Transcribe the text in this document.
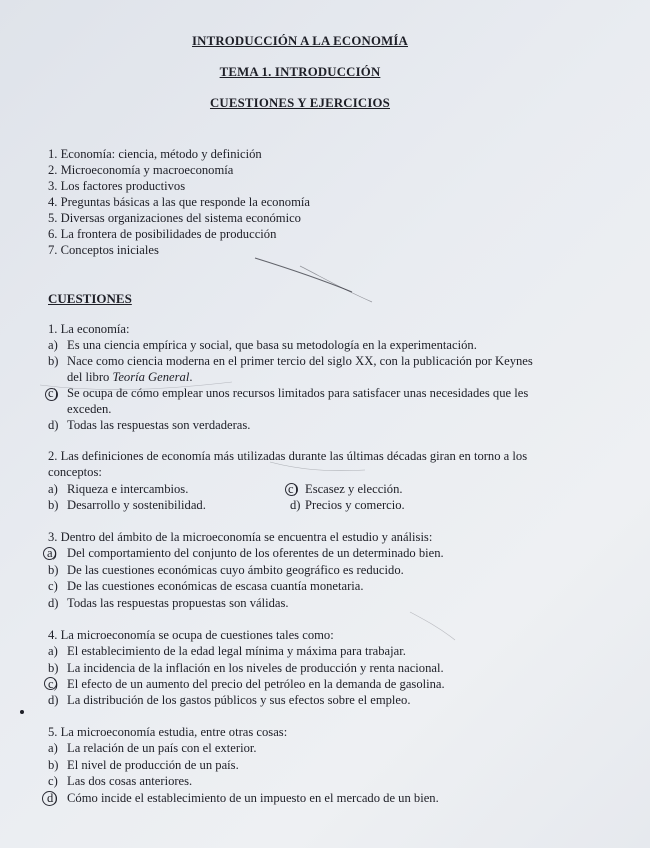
INTRODUCCIÓN A LA ECONOMÍA
TEMA 1. INTRODUCCIÓN
CUESTIONES Y EJERCICIOS
1. Economía: ciencia, método y definición
2. Microeconomía y macroeconomía
3. Los factores productivos
4. Preguntas básicas a las que responde la economía
5. Diversas organizaciones del sistema económico
6. La frontera de posibilidades de producción
7. Conceptos iniciales
CUESTIONES
1. La economía:
a) Es una ciencia empírica y social, que basa su metodología en la experimentación.
b) Nace como ciencia moderna en el primer tercio del siglo XX, con la publicación por Keynes
del libro Teoría General.
c) Se ocupa de cómo emplear unos recursos limitados para satisfacer unas necesidades que les
exceden.
d) Todas las respuestas son verdaderas.
2. Las definiciones de economía más utilizadas durante las últimas décadas giran en torno a los
conceptos:
a) Riqueza e intercambios.
b) Desarrollo y sostenibilidad.
c) Escasez y elección.
d) Precios y comercio.
3. Dentro del ámbito de la microeconomía se encuentra el estudio y análisis:
a) Del comportamiento del conjunto de los oferentes de un determinado bien.
b) De las cuestiones económicas cuyo ámbito geográfico es reducido.
c) De las cuestiones económicas de escasa cuantía monetaria.
d) Todas las respuestas propuestas son válidas.
4. La microeconomía se ocupa de cuestiones tales como:
a) El establecimiento de la edad legal mínima y máxima para trabajar.
b) La incidencia de la inflación en los niveles de producción y renta nacional.
c) El efecto de un aumento del precio del petróleo en la demanda de gasolina.
d) La distribución de los gastos públicos y sus efectos sobre el empleo.
5. La microeconomía estudia, entre otras cosas:
a) La relación de un país con el exterior.
b) El nivel de producción de un país.
c) Las dos cosas anteriores.
d) Cómo incide el establecimiento de un impuesto en el mercado de un bien.
